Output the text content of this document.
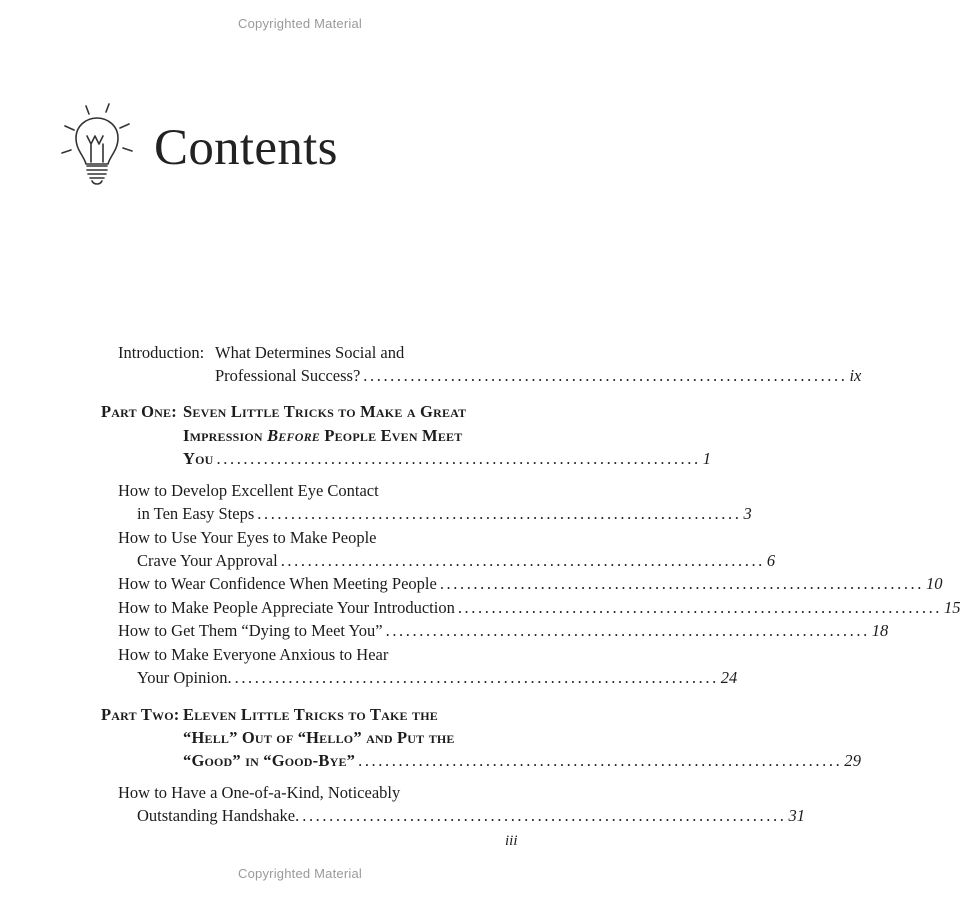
Copyrighted Material
Contents
Introduction: What Determines Social and
Professional Success? ........................................................................ ix
Part One: Seven Little Tricks to Make a Great
Impression Before People Even Meet
You ........................................................................ 1
How to Develop Excellent Eye Contact
in Ten Easy Steps ........................................................................ 3
How to Use Your Eyes to Make People
Crave Your Approval ........................................................................ 6
How to Wear Confidence When Meeting People ........................................................................ 10
How to Make People Appreciate Your Introduction ........................................................................ 15
How to Get Them “Dying to Meet You” ........................................................................ 18
How to Make Everyone Anxious to Hear
Your Opinion. ........................................................................ 24
Part Two: Eleven Little Tricks to Take the
“Hell” Out of “Hello” and Put the
“Good” in “Good-Bye” ........................................................................ 29
How to Have a One-of-a-Kind, Noticeably
Outstanding Handshake. ........................................................................ 31
iii
Copyrighted Material
